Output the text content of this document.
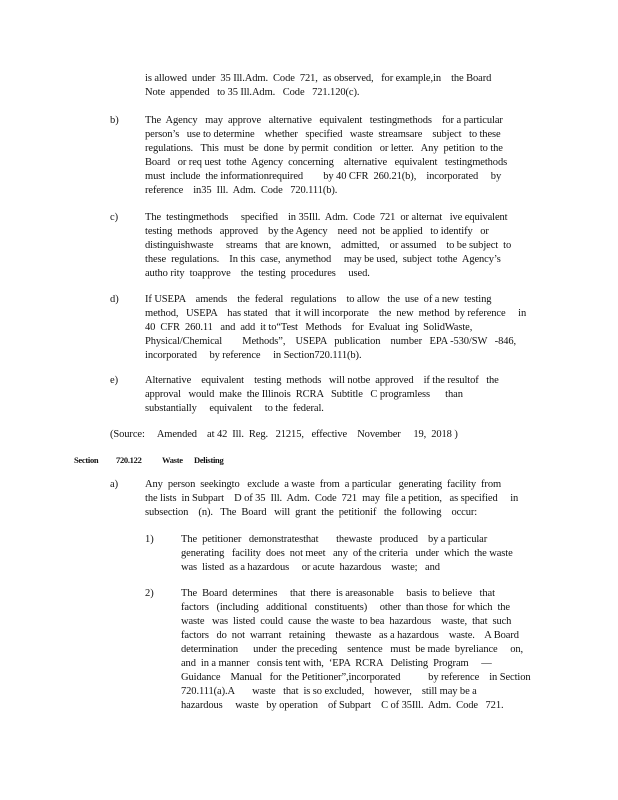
is allowed  under  35 Ill.Adm.  Code  721,  as observed,   for example,in    the Board
Note  appended   to 35 Ill.Adm.   Code   721.120(c).
b)	The  Agency   may  approve   alternative   equivalent   testingmethods    for a particular
person’s   use to determine    whether   specified   waste  streamsare    subject   to these
regulations.   This  must  be  done  by permit  condition   or letter.   Any  petition  to the
Board   or req uest  tothe  Agency  concerning    alternative   equivalent   testingmethods
must  include  the informationrequired        by 40 CFR  260.21(b),    incorporated     by
reference    in35  Ill.  Adm.  Code   720.111(b).
c)	The  testingmethods     specified    in 35Ill.  Adm.  Code  721  or alternat   ive equivalent
testing  methods   approved    by the Agency    need  not  be applied   to identify   or
distinguishwaste     streams   that  are known,    admitted,    or assumed    to be subject  to
these  regulations.    In this  case,  anymethod     may be used,  subject  tothe  Agency’s
autho rity  toapprove    the  testing  procedures     used.
d)	If USEPA    amends    the  federal   regulations    to allow   the  use  of a new  testing
method,   USEPA    has stated   that  it will incorporate    the  new  method  by reference     in
40  CFR  260.11   and  add  it to“Test   Methods    for  Evaluat  ing  SolidWaste,
Physical/Chemical        Methods”,    USEPA   publication    number   EPA -530/SW   -846,
incorporated     by reference     in Section720.111(b).
e)	Alternative    equivalent    testing  methods   will notbe  approved    if the resultof   the
approval   would  make  the Illinois  RCRA   Subtitle   C programless      than
substantially     equivalent     to the  federal.
(Source:     Amended    at 42  Ill.  Reg.   21215,   effective    November     19,  2018 )
Section 720.122 Waste Delisting
a)	Any  person  seekingto   exclude  a waste  from  a particular   generating  facility  from
the lists  in Subpart    D of 35  Ill.  Adm.  Code  721  may  file a petition,   as specified     in
subsection    (n).   The  Board   will  grant  the  petitionif   the  following    occur:
1)	The  petitioner   demonstratesthat       thewaste   produced    by a particular
generating   facility  does  not meet   any  of the criteria   under  which  the waste
was  listed  as a hazardous     or acute  hazardous    waste;   and
2)	The  Board  determines     that  there  is areasonable     basis  to believe   that
factors   (including   additional   constituents)     other  than those  for which  the
waste   was  listed  could  cause  the waste  to bea  hazardous    waste,  that  such
factors   do  not  warrant   retaining    thewaste   as a hazardous    waste.    A Board
determination      under  the preceding    sentence   must  be made  byreliance     on,
and  in a manner   consis tent with,  ‘EPA  RCRA   Delisting  Program     —
Guidance    Manual   for  the Petitioner”,incorporated           by reference    in Section
720.111(a).A       waste   that  is so excluded,    however,    still may be a
hazardous     waste   by operation    of Subpart    C of 35Ill.  Adm.  Code   721.
